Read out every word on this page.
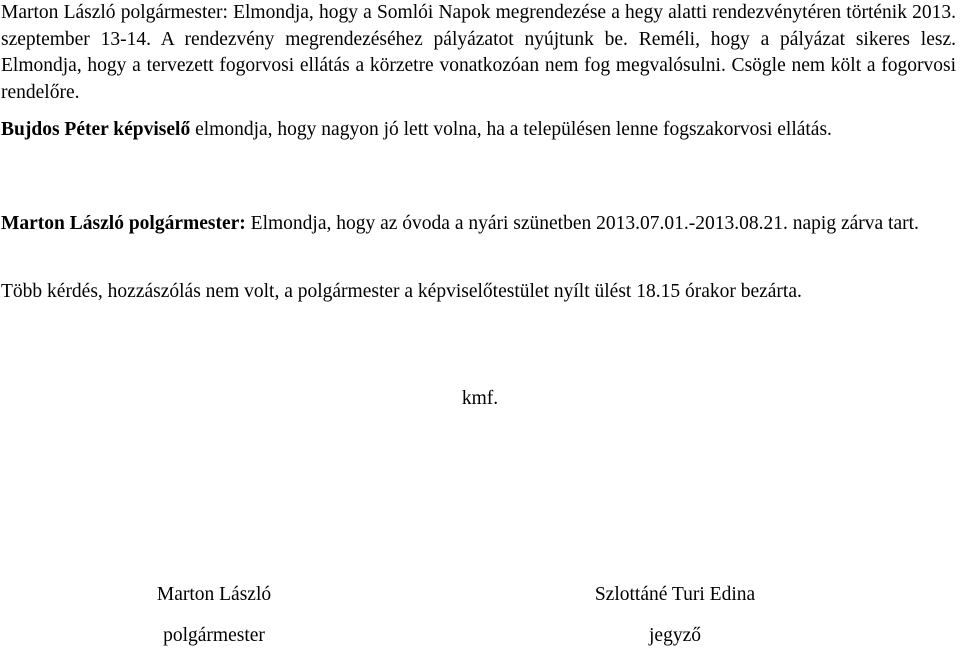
Marton László polgármester: Elmondja, hogy a Somlói Napok megrendezése a hegy alatti rendezvénytéren történik 2013. szeptember 13-14. A rendezvény megrendezéséhez pályázatot nyújtunk be. Reméli, hogy a pályázat sikeres lesz. Elmondja, hogy a tervezett fogorvosi ellátás a körzetre vonatkozóan nem fog megvalósulni. Csögle nem költ a fogorvosi rendelőre.

Bujdos Péter képviselő elmondja, hogy nagyon jó lett volna, ha a településen lenne fogszakorvosi ellátás.

Marton László polgármester: Elmondja, hogy az óvoda a nyári szünetben 2013.07.01.-2013.08.21. napig zárva tart.

Több kérdés, hozzászólás nem volt, a polgármester a képviselőtestület nyílt ülést 18.15 órakor bezárta.

kmf.
Marton László
polgármester
Szlottáné Turi Edina
jegyző
